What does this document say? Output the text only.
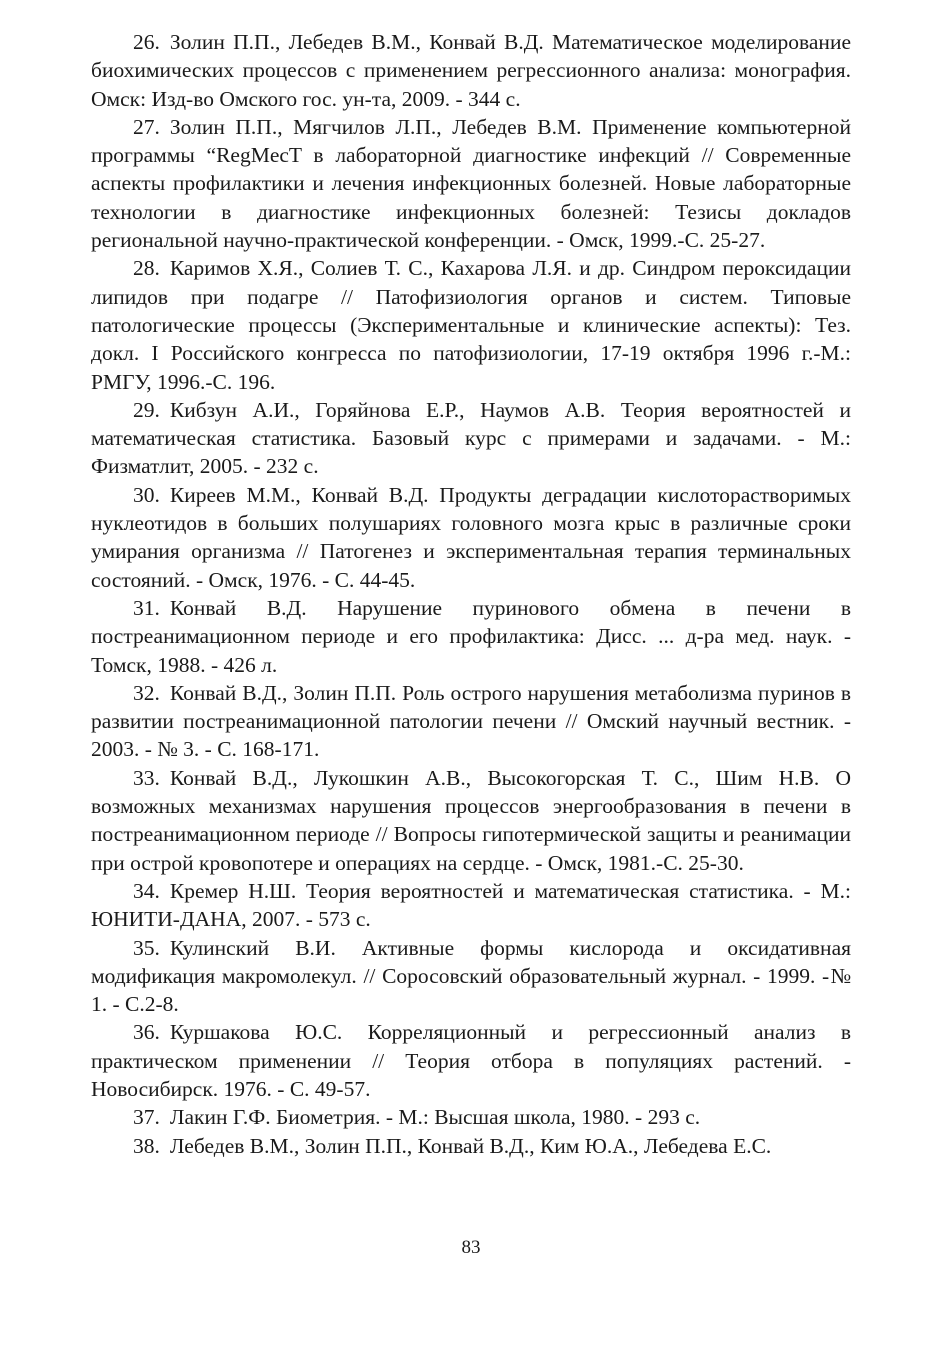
26. Золин П.П., Лебедев В.М., Конвай В.Д. Математическое моделирование биохимических процессов с применением регрессионного анализа: монография. Омск: Изд-во Омского гос. ун-та, 2009. - 344 с.

27. Золин П.П., Мягчилов Л.П., Лебедев В.М. Применение компьютерной программы “RegMecT в лабораторной диагностике инфекций // Современные аспекты профилактики и лечения инфекционных болезней. Новые лабораторные технологии в диагностике инфекционных болезней: Тезисы докладов региональной научно-практической конференции. - Омск, 1999.-С. 25-27.

28. Каримов Х.Я., Солиев Т. С., Кахарова Л.Я. и др. Синдром пероксидации липидов при подагре // Патофизиология органов и систем. Типовые патологические процессы (Экспериментальные и клинические аспекты): Тез. докл. I Российского конгресса по патофизиологии, 17-19 октября 1996 г.-М.: РМГУ, 1996.-С. 196.

29. Кибзун А.И., Горяйнова Е.Р., Наумов А.В. Теория вероятностей и математическая статистика. Базовый курс с примерами и задачами. - М.: Физматлит, 2005. - 232 с.

30. Киреев М.М., Конвай В.Д. Продукты деградации кислоторастворимых нуклеотидов в больших полушариях головного мозга крыс в различные сроки умирания организма // Патогенез и экспериментальная терапия терминальных состояний. - Омск, 1976. - С. 44-45.

31. Конвай В.Д. Нарушение пуринового обмена в печени в постреанимационном периоде и его профилактика: Дисс. ... д-ра мед. наук. - Томск, 1988. - 426 л.

32. Конвай В.Д., Золин П.П. Роль острого нарушения метаболизма пуринов в развитии постреанимационной патологии печени // Омский научный вестник. - 2003. - № 3. - С. 168-171.

33. Конвай В.Д., Лукошкин А.В., Высокогорская Т. С., Шим Н.В. О возможных механизмах нарушения процессов энергообразования в печени в постреанимационном периоде // Вопросы гипотермической защиты и реанимации при острой кровопотере и операциях на сердце. - Омск, 1981.-С. 25-30.

34. Кремер Н.Ш. Теория вероятностей и математическая статистика. - М.: ЮНИТИ-ДАНА, 2007. - 573 с.

35. Кулинский В.И. Активные формы кислорода и оксидативная модификация макромолекул. // Соросовский образовательный журнал. - 1999. -№ 1. - С.2-8.

36. Куршакова Ю.С. Корреляционный и регрессионный анализ в практическом применении // Теория отбора в популяциях растений. - Новосибирск. 1976. - С. 49-57.

37. Лакин Г.Ф. Биометрия. - М.: Высшая школа, 1980. - 293 с.

38. Лебедев В.М., Золин П.П., Конвай В.Д., Ким Ю.А., Лебедева Е.С.

83
